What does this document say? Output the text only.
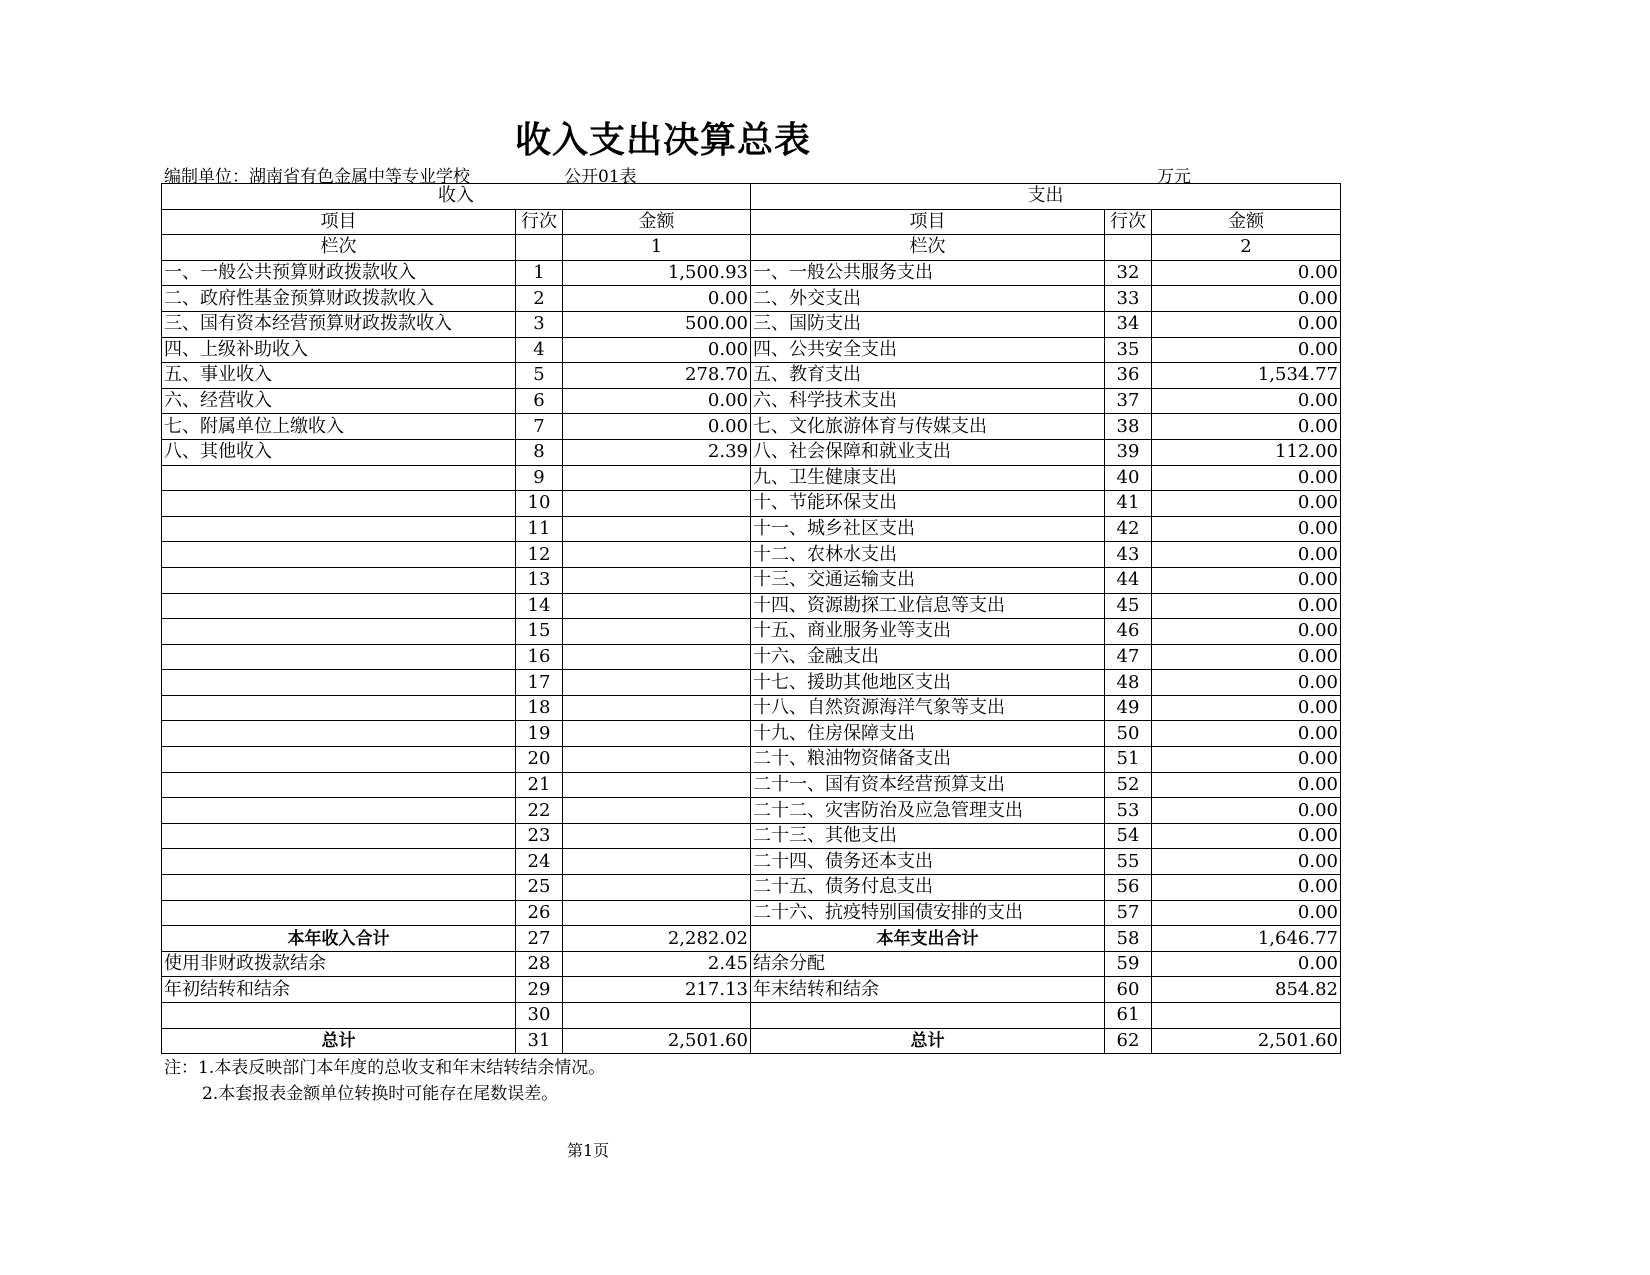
收入支出决算总表
编制单位：湖南省有色金属中等专业学校	公开01表	万元
收入			支出		
项目	行次	金额	项目	行次	金额
栏次		1	栏次		2
一、一般公共预算财政拨款收入	1	1,500.93	一、一般公共服务支出	32	0.00
二、政府性基金预算财政拨款收入	2	0.00	二、外交支出	33	0.00
三、国有资本经营预算财政拨款收入	3	500.00	三、国防支出	34	0.00
四、上级补助收入	4	0.00	四、公共安全支出	35	0.00
五、事业收入	5	278.70	五、教育支出	36	1,534.77
六、经营收入	6	0.00	六、科学技术支出	37	0.00
七、附属单位上缴收入	7	0.00	七、文化旅游体育与传媒支出	38	0.00
八、其他收入	8	2.39	八、社会保障和就业支出	39	112.00
	9		九、卫生健康支出	40	0.00
	10		十、节能环保支出	41	0.00
	11		十一、城乡社区支出	42	0.00
	12		十二、农林水支出	43	0.00
	13		十三、交通运输支出	44	0.00
	14		十四、资源勘探工业信息等支出	45	0.00
	15		十五、商业服务业等支出	46	0.00
	16		十六、金融支出	47	0.00
	17		十七、援助其他地区支出	48	0.00
	18		十八、自然资源海洋气象等支出	49	0.00
	19		十九、住房保障支出	50	0.00
	20		二十、粮油物资储备支出	51	0.00
	21		二十一、国有资本经营预算支出	52	0.00
	22		二十二、灾害防治及应急管理支出	53	0.00
	23		二十三、其他支出	54	0.00
	24		二十四、债务还本支出	55	0.00
	25		二十五、债务付息支出	56	0.00
	26		二十六、抗疫特别国债安排的支出	57	0.00
本年收入合计	27	2,282.02	本年支出合计	58	1,646.77
使用非财政拨款结余	28	2.45	结余分配	59	0.00
年初结转和结余	29	217.13	年末结转和结余	60	854.82
	30			61	
总计	31	2,501.60	总计	62	2,501.60
注：1.本表反映部门本年度的总收支和年末结转结余情况。
2.本套报表金额单位转换时可能存在尾数误差。
第1页
